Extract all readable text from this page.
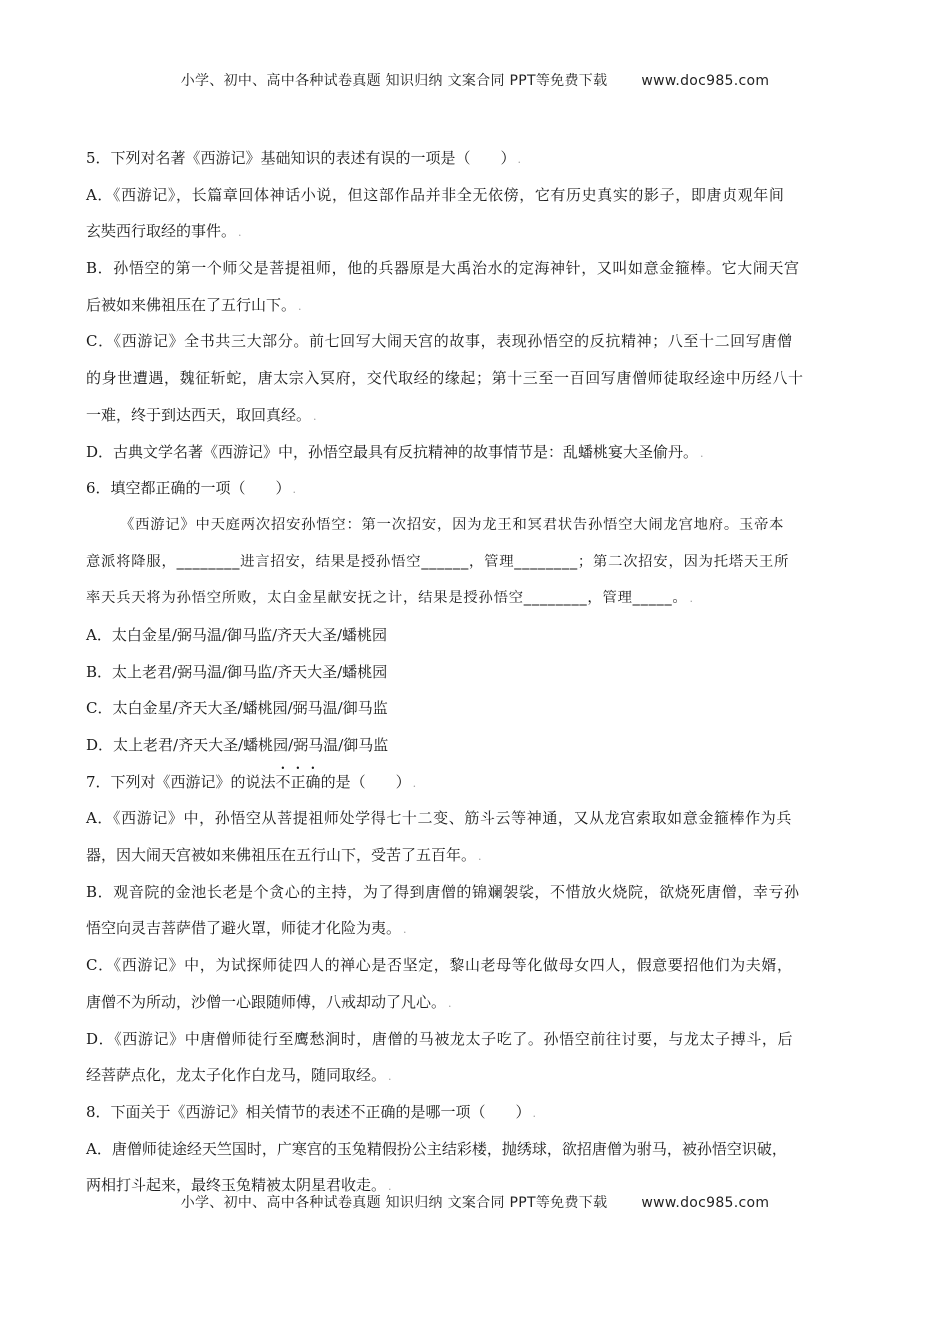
小学、初中、高中各种试卷真题 知识归纳 文案合同 PPT等免费下载 www.doc985.com
5．下列对名著《西游记》基础知识的表述有误的一项是（　　） .
A．《西游记》，长篇章回体神话小说，但这部作品并非全无依傍，它有历史真实的影子，即唐贞观年间
玄奘西行取经的事件。 .
B．孙悟空的第一个师父是菩提祖师，他的兵器原是大禹治水的定海神针，又叫如意金箍棒。它大闹天宫
后被如来佛祖压在了五行山下。 .
C．《西游记》全书共三大部分。前七回写大闹天宫的故事，表现孙悟空的反抗精神；八至十二回写唐僧
的身世遭遇，魏征斩蛇，唐太宗入冥府，交代取经的缘起；第十三至一百回写唐僧师徒取经途中历经八十
一难，终于到达西天，取回真经。 .
D．古典文学名著《西游记》中，孙悟空最具有反抗精神的故事情节是：乱蟠桃宴大圣偷丹。 .
6．填空都正确的一项（　　） .
《西游记》中天庭两次招安孙悟空：第一次招安，因为龙王和冥君状告孙悟空大闹龙宫地府。玉帝本
意派将降服，________进言招安，结果是授孙悟空______，管理________；第二次招安，因为托塔天王所
率天兵天将为孙悟空所败，太白金星献安抚之计，结果是授孙悟空________，管理_____。 .
A．太白金星/弼马温/御马监/齐天大圣/蟠桃园
B．太上老君/弼马温/御马监/齐天大圣/蟠桃园
C．太白金星/齐天大圣/蟠桃园/弼马温/御马监
D．太上老君/齐天大圣/蟠桃园/弼马温/御马监
7．下列对《西游记》的说法不正确的是（　　） .
A．《西游记》中，孙悟空从菩提祖师处学得七十二变、筋斗云等神通，又从龙宫索取如意金箍棒作为兵
器，因大闹天宫被如来佛祖压在五行山下，受苦了五百年。 .
B．观音院的金池长老是个贪心的主持，为了得到唐僧的锦斓袈裟，不惜放火烧院，欲烧死唐僧，幸亏孙
悟空向灵吉菩萨借了避火罩，师徒才化险为夷。 .
C．《西游记》中，为试探师徒四人的禅心是否坚定，黎山老母等化做母女四人，假意要招他们为夫婿，
唐僧不为所动，沙僧一心跟随师傅，八戒却动了凡心。 .
D．《西游记》中唐僧师徒行至鹰愁涧时，唐僧的马被龙太子吃了。孙悟空前往讨要，与龙太子搏斗，后
经菩萨点化，龙太子化作白龙马，随同取经。 .
8．下面关于《西游记》相关情节的表述不正确的是哪一项（　　） .
A．唐僧师徒途经天竺国时，广寒宫的玉兔精假扮公主结彩楼，抛绣球，欲招唐僧为驸马，被孙悟空识破，
两相打斗起来，最终玉兔精被太阴星君收走。 .
小学、初中、高中各种试卷真题 知识归纳 文案合同 PPT等免费下载 www.doc985.com
